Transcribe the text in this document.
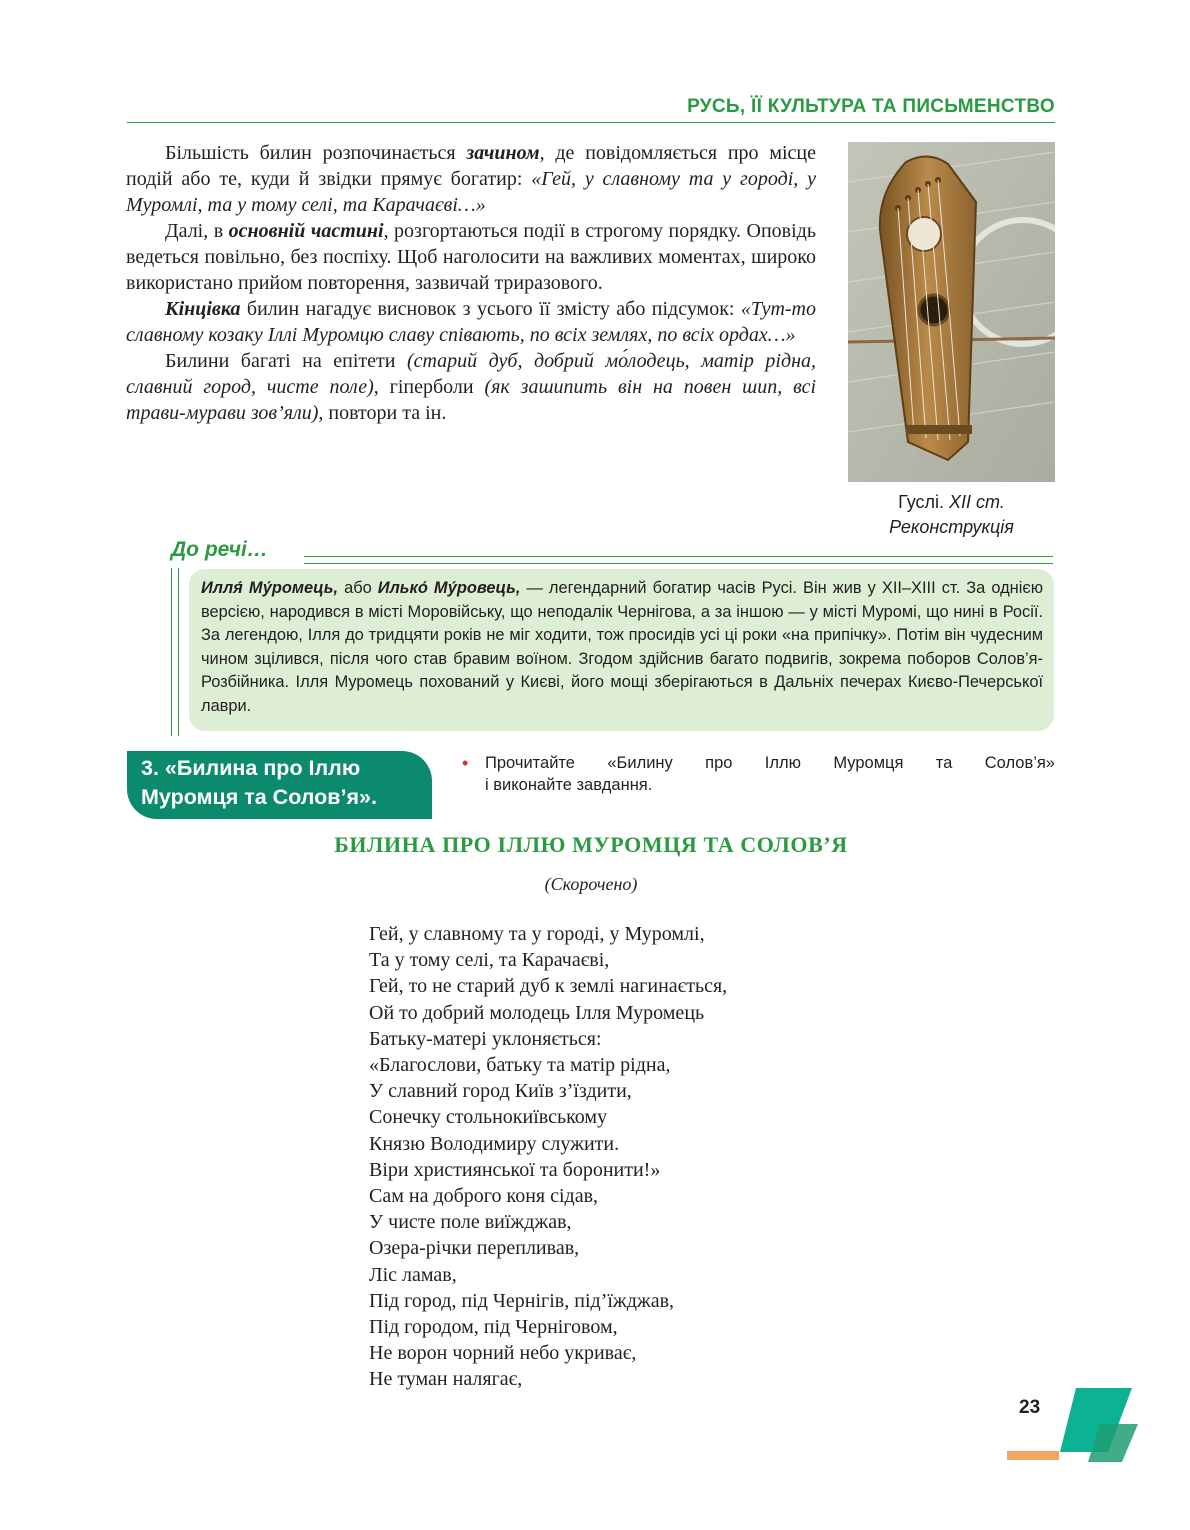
РУСЬ, ЇЇ КУЛЬТУРА ТА ПИСЬМЕНСТВО

Більшість билин розпочинається зачином, де повідомляється про місце подій або те, куди й звідки прямує богатир: «Гей, у славному та у городі, у Муромлі, та у тому селі, та Карачаєві…»

Далі, в основній частині, розгортаються події в строгому порядку. Оповідь ведеться повільно, без поспіху. Щоб наголосити на важливих моментах, широко використано прийом повторення, зазвичай триразового.

Кінцівка билин нагадує висновок з усього її змісту або підсумок: «Тут-то славному козаку Іллі Муромцю славу співають, по всіх землях, по всіх ордах…»

Билини багаті на епітети (старий дуб, добрий мо́лодець, матір рідна, славний город, чисте поле), гіперболи (як зашипить він на повен шип, всі трави-мурави зов’яли), повтори та ін.

Гуслі. XII ст.
Реконструкція
До речі…
Илля́ Му́ромець, або Илько́ Му́ровець, — легендарний богатир часів Русі. Він жив у XII–XIII ст. За однією версією, народився в місті Моровійську, що неподалік Чернігова, а за іншою — у місті Муромі, що нині в Росії. За легендою, Ілля до тридцяти років не міг ходити, тож просидів усі ці роки «на припічку». Потім він чудесним чином зцілився, після чого став бравим воїном. Згодом здійснив багато подвигів, зокрема поборов Солов’я-Розбійника. Ілля Муромець похований у Києві, його мощі зберігаються в Дальніх печерах Києво-Печерської лаври.
3. «Билина про Іллю
Муромця та Солов’я».
• Прочитайте «Билину про Іллю Муромця та Солов’я»
і виконайте завдання.
БИЛИНА ПРО ІЛЛЮ МУРОМЦЯ ТА СОЛОВ’Я
(Скорочено)
Гей, у славному та у городі, у Муромлі,
Та у тому селі, та Карачаєві,
Гей, то не старий дуб к землі нагинається,
Ой то добрий молодець Ілля Муромець
Батьку-матері уклоняється:
«Благослови, батьку та матір рідна,
У славний город Київ з’їздити,
Сонечку стольнокиївському
Князю Володимиру служити.
Віри християнської та боронити!»
Сам на доброго коня сідав,
У чисте поле виїжджав,
Озера-річки перепливав,
Ліс ламав,
Під город, під Чернігів, під’їжджав,
Під городом, під Черніговом,
Не ворон чорний небо укриває,
Не туман налягає,
23
